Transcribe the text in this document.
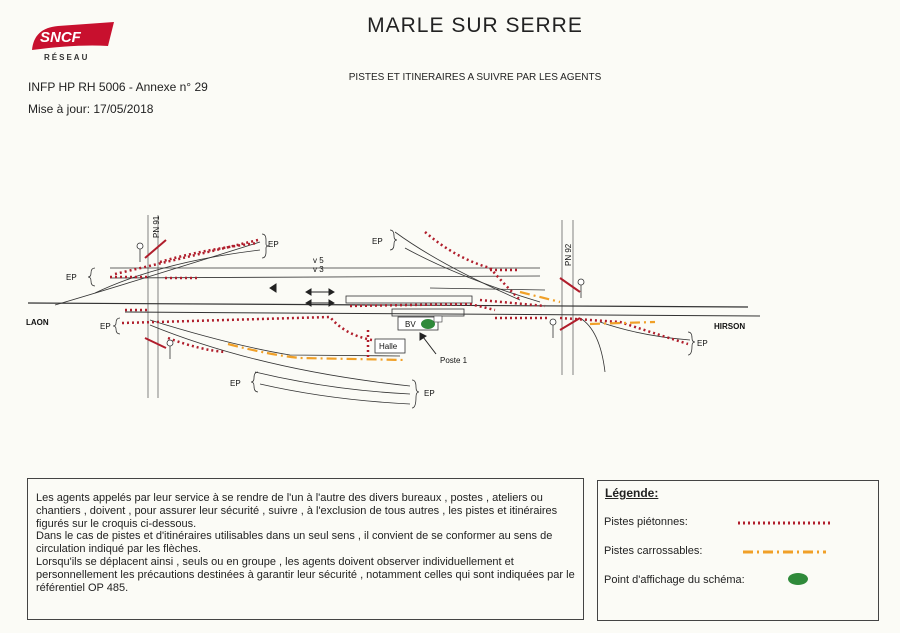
SNCF
RÉSEAU
INFP HP RH 5006 - Annexe n° 29
Mise à jour: 17/05/2018
MARLE SUR SERRE
PISTES ET ITINERAIRES A SUIVRE PAR LES AGENTS
LAON	HIRSON
PN 91
PN 92
v 5
v 3
BV
Halle
Poste 1
EP
EP
EP
EP
EP
EP
EP

Les agents appelés par leur service à se rendre de l'un à l'autre des divers bureaux , postes , ateliers ou chantiers , doivent , pour assurer leur sécurité , suivre , à l'exclusion de tous autres , les pistes et itinéraires figurés sur le croquis ci-dessous.

Dans le cas de pistes et d'itinéraires utilisables dans un seul sens , il convient de se conformer au sens de circulation indiqué par les flèches.

Lorsqu'ils se déplacent ainsi , seuls ou en groupe , les agents doivent observer individuellement et personnellement les précautions destinées à garantir leur sécurité , notamment celles qui sont indiquées par le référentiel OP 485.

Légende:
Pistes piétonnes:
Pistes carrossables:
Point d'affichage du schéma:
